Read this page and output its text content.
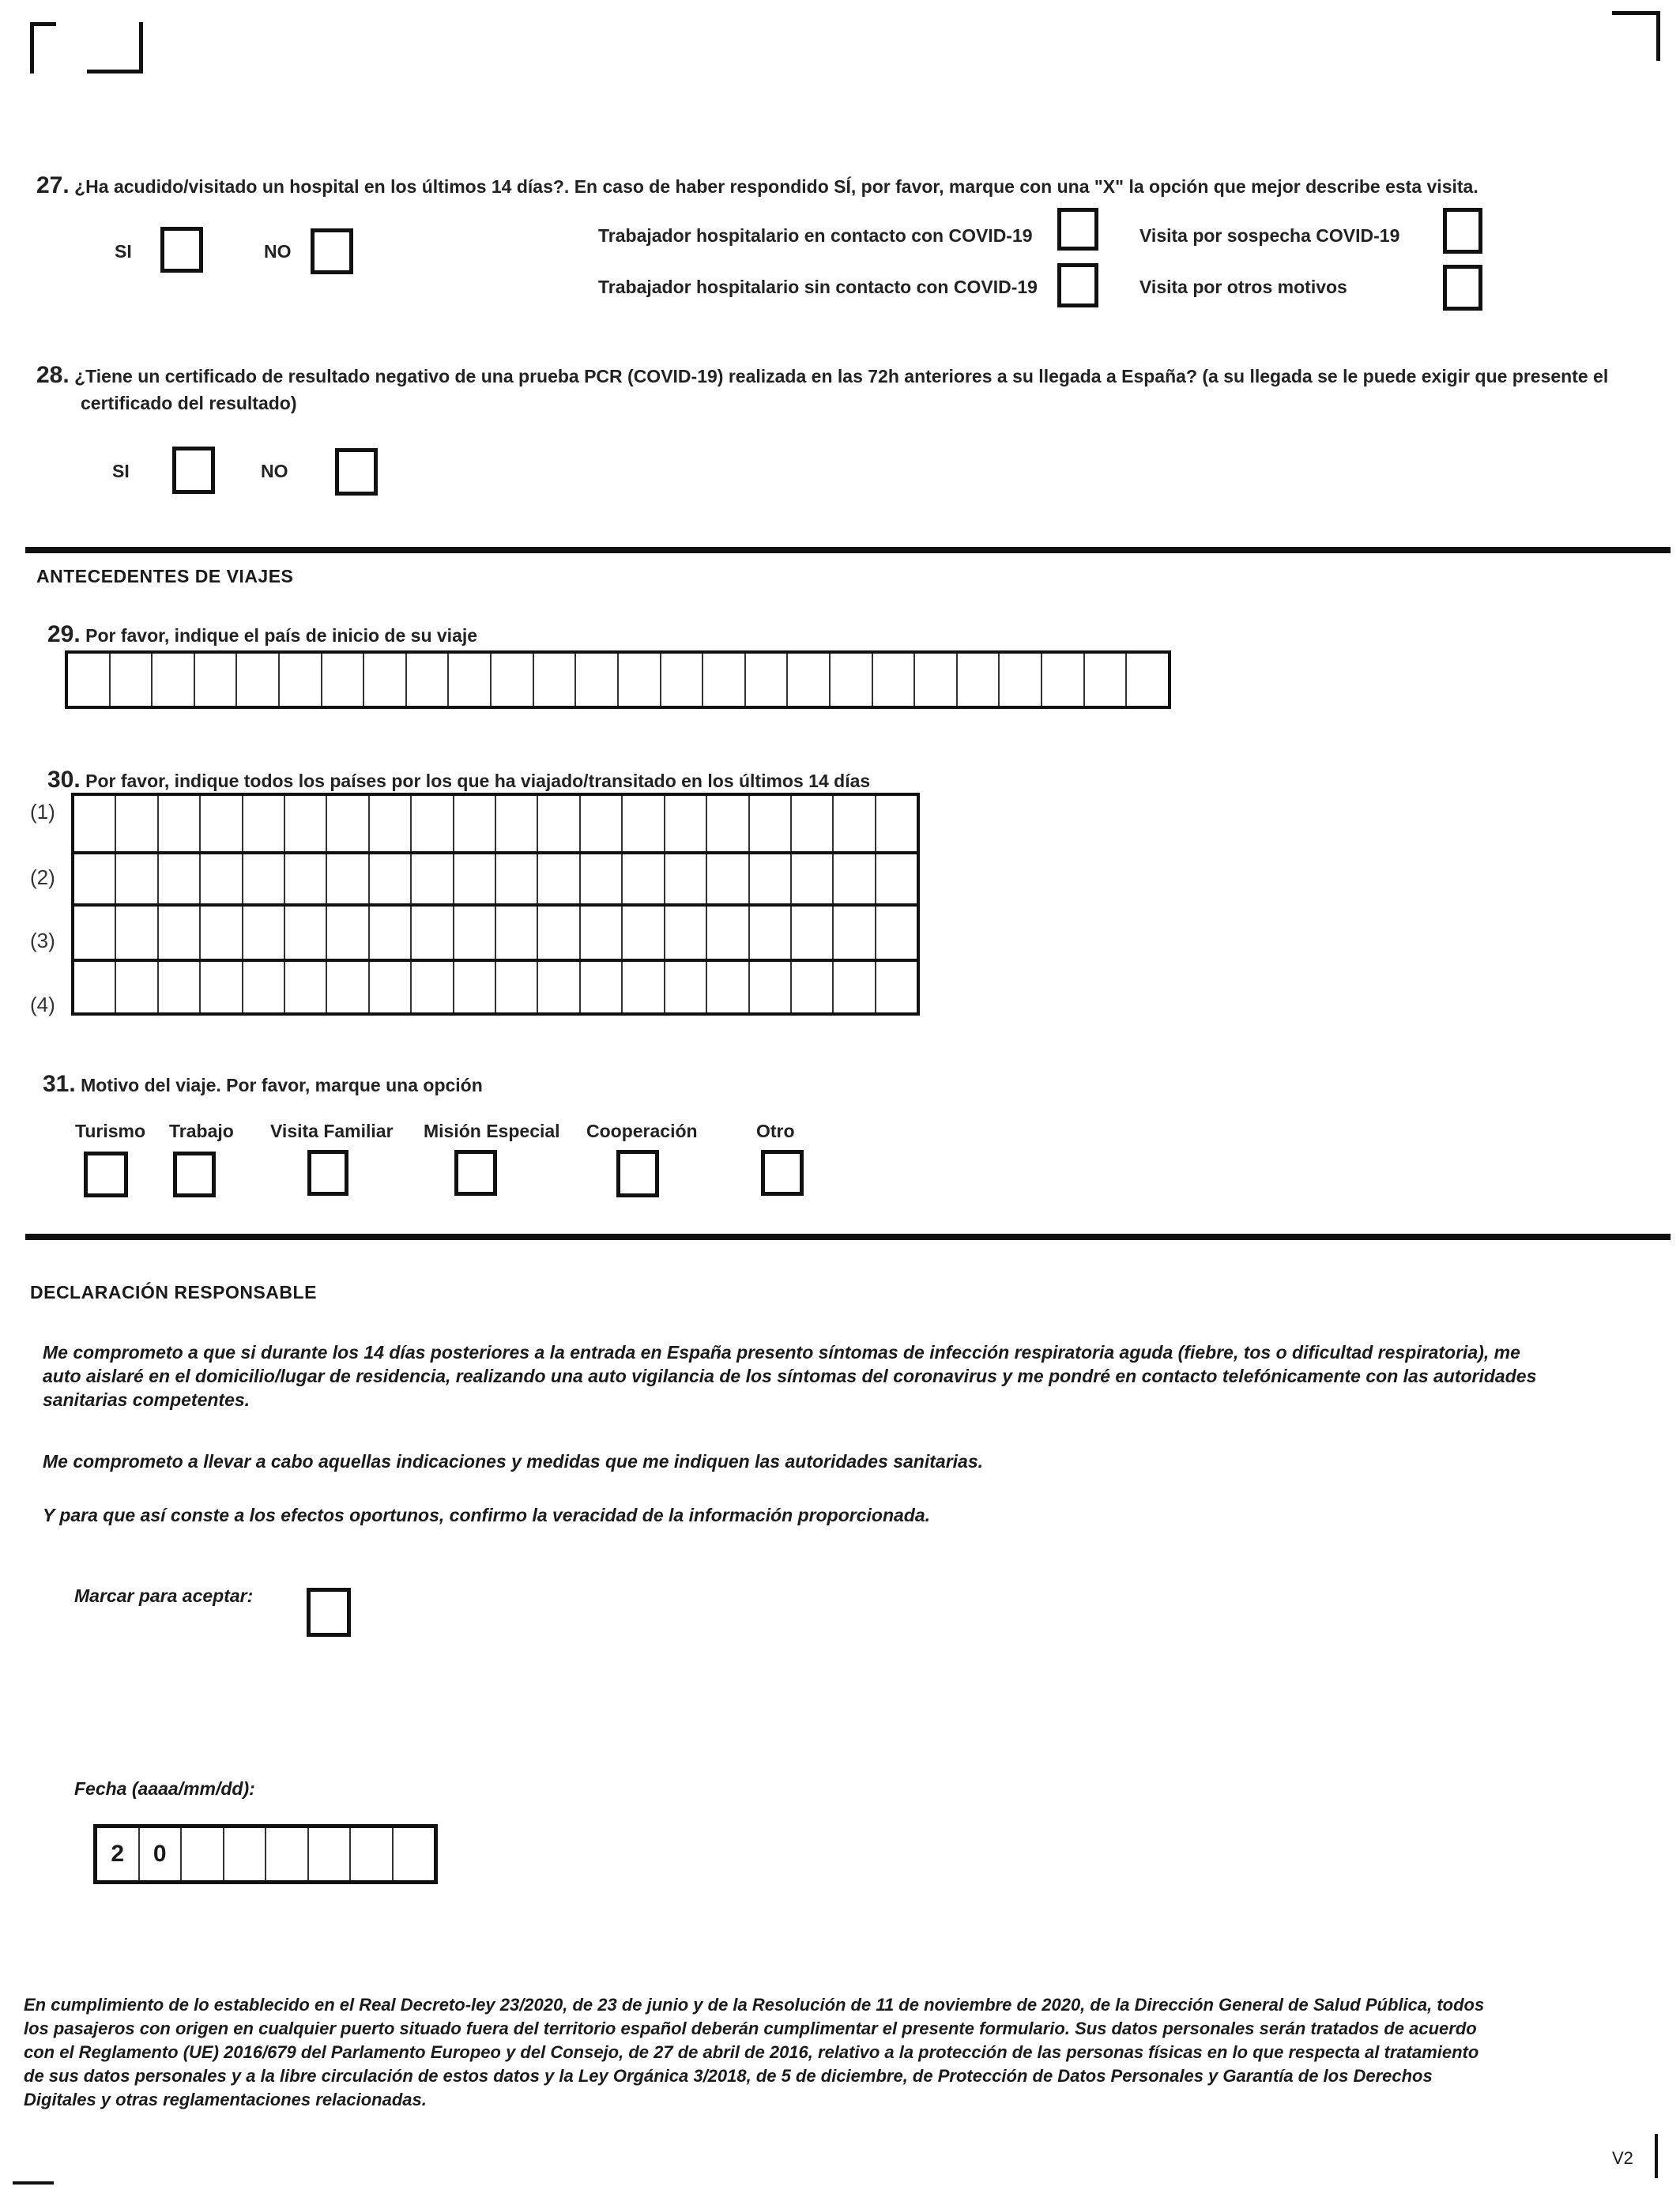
27. ¿Ha acudido/visitado un hospital en los últimos 14 días?. En caso de haber respondido SÍ, por favor, marque con una "X" la opción que mejor describe esta visita.
SI	NO
Trabajador hospitalario en contacto con COVID-19
Trabajador hospitalario sin contacto con COVID-19
Visita por sospecha COVID-19
Visita por otros motivos
28. ¿Tiene un certificado de resultado negativo de una prueba PCR (COVID-19) realizada en las 72h anteriores a su llegada a España? (a su llegada se le puede exigir que presente el
certificado del resultado)
SI	NO
ANTECEDENTES DE VIAJES
29. Por favor, indique el país de inicio de su viaje
30. Por favor, indique todos los países por los que ha viajado/transitado en los últimos 14 días
(1)
(2)
(3)
(4)
31. Motivo del viaje. Por favor, marque una opción
Turismo Trabajo Visita Familiar Misión Especial Cooperación	Otro
DECLARACIÓN RESPONSABLE
Me comprometo a que si durante los 14 días posteriores a la entrada en España presento síntomas de infección respiratoria aguda (fiebre, tos o dificultad respiratoria), me
auto aislaré en el domicilio/lugar de residencia, realizando una auto vigilancia de los síntomas del coronavirus y me pondré en contacto telefónicamente con las autoridades
sanitarias competentes.
Me comprometo a llevar a cabo aquellas indicaciones y medidas que me indiquen las autoridades sanitarias.
Y para que así conste a los efectos oportunos, confirmo la veracidad de la información proporcionada.
Marcar para aceptar:
Fecha (aaaa/mm/dd):
2	0
En cumplimiento de lo establecido en el Real Decreto-ley 23/2020, de 23 de junio y de la Resolución de 11 de noviembre de 2020, de la Dirección General de Salud Pública, todos
los pasajeros con origen en cualquier puerto situado fuera del territorio español deberán cumplimentar el presente formulario. Sus datos personales serán tratados de acuerdo
con el Reglamento (UE) 2016/679 del Parlamento Europeo y del Consejo, de 27 de abril de 2016, relativo a la protección de las personas físicas en lo que respecta al tratamiento
de sus datos personales y a la libre circulación de estos datos y la Ley Orgánica 3/2018, de 5 de diciembre, de Protección de Datos Personales y Garantía de los Derechos
Digitales y otras reglamentaciones relacionadas.
V2
